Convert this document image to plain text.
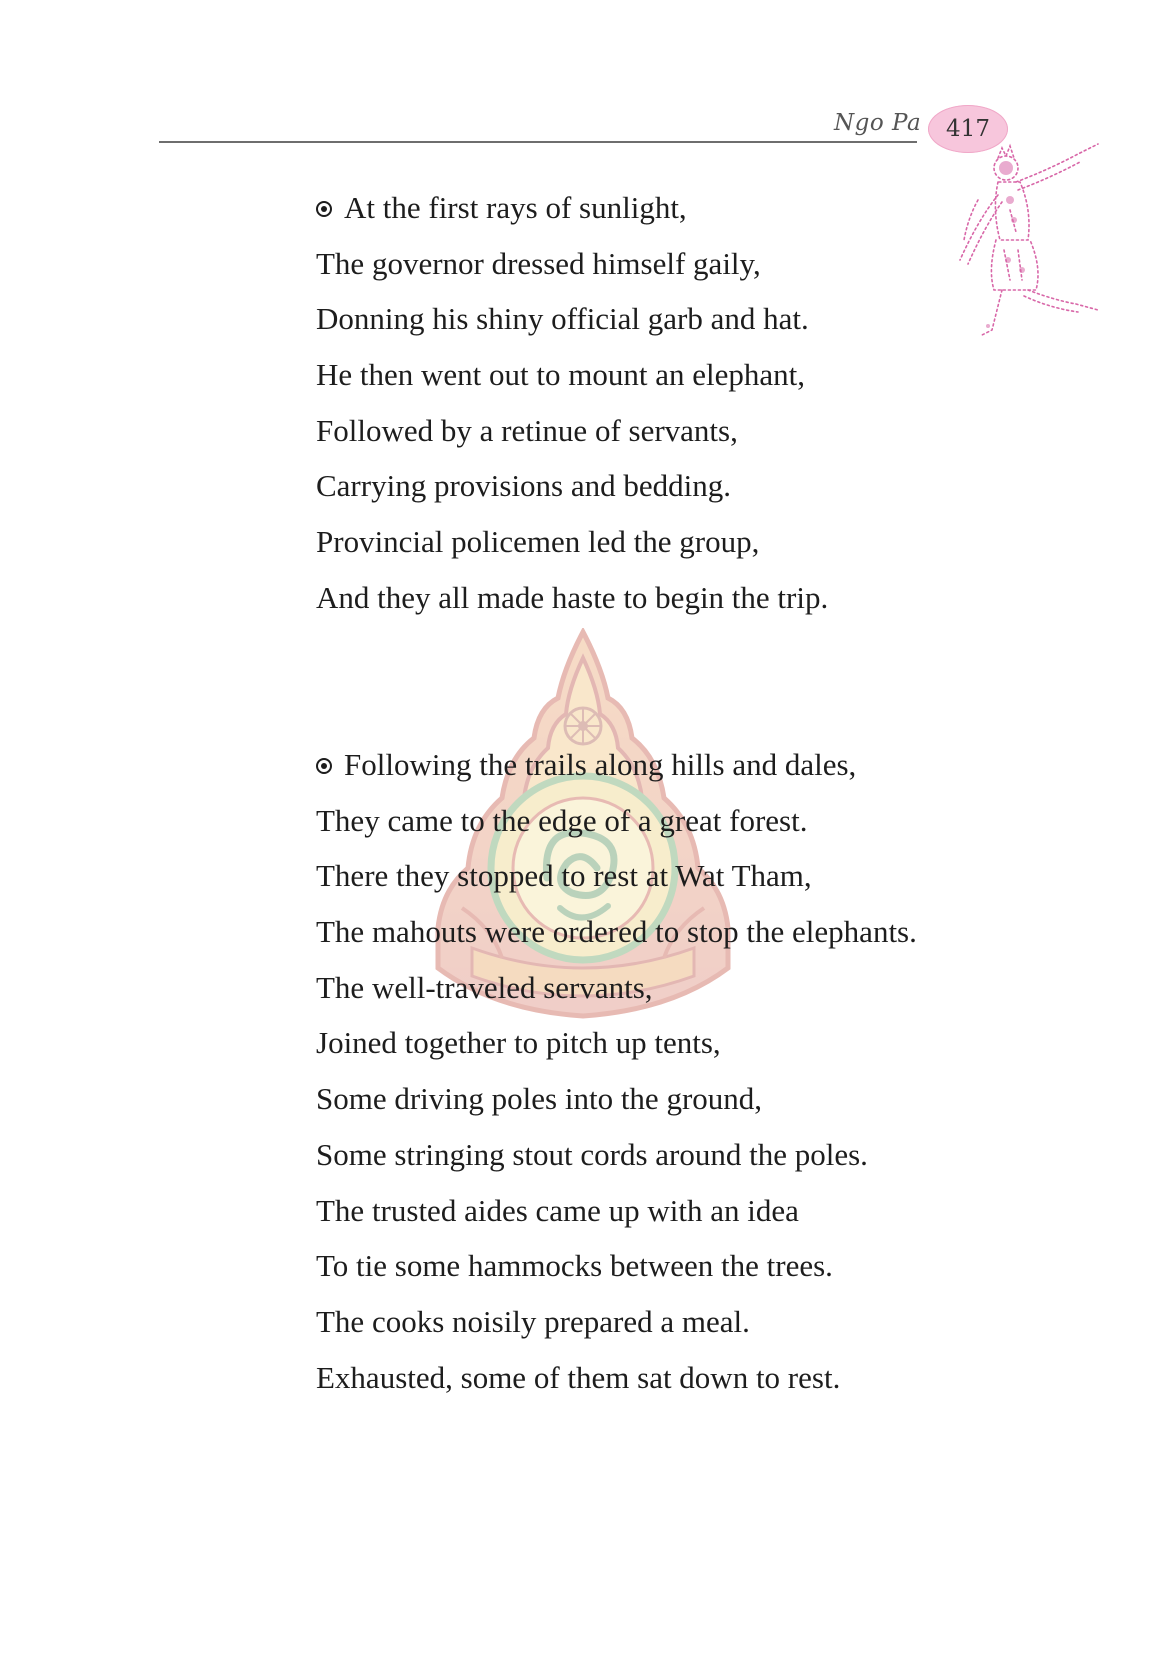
Ngo Pa 417
At the first rays of sunlight,
The governor dressed himself gaily,
Donning his shiny official garb and hat.
He then went out to mount an elephant,
Followed by a retinue of servants,
Carrying provisions and bedding.
Provincial policemen led the group,
And they all made haste to begin the trip.
Following the trails along hills and dales,
They came to the edge of a great forest.
There they stopped to rest at Wat Tham,
The mahouts were ordered to stop the elephants.
The well-traveled servants,
Joined together to pitch up tents,
Some driving poles into the ground,
Some stringing stout cords around the poles.
The trusted aides came up with an idea
To tie some hammocks between the trees.
The cooks noisily prepared a meal.
Exhausted, some of them sat down to rest.
